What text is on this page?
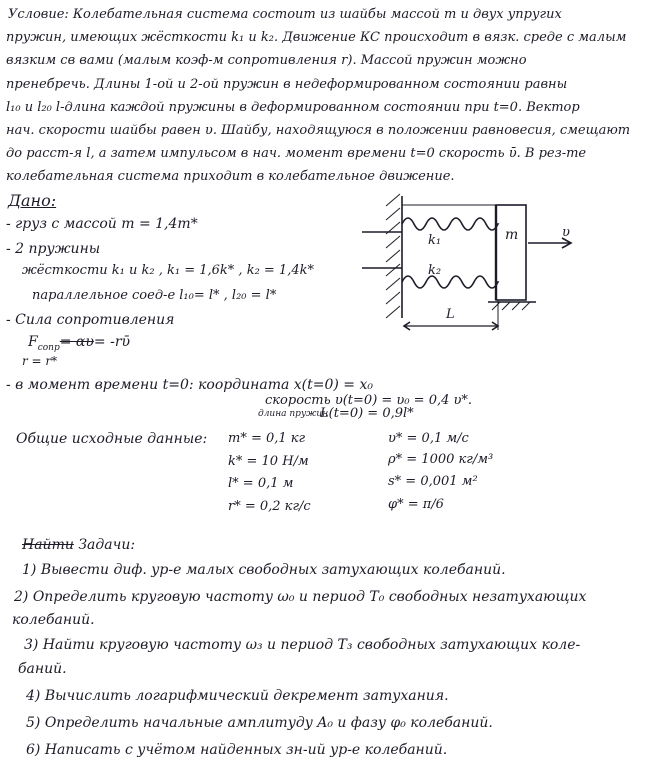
Условие: Колебательная система состоит из шайбы массой m и двух упругих
пружин, имеющих жёсткости k₁ и k₂. Движение КС происходит в вязк. среде с малым
вязким св вами (малым коэф-м сопротивления r). Массой пружин можно
пренебречь. Длины 1-ой и 2-ой пружин в недеформированном состоянии равны
l₁₀ и l₂₀ l-длина каждой пружины в деформированном состоянии при t=0. Вектор
нач. скорости шайбы равен υ. Шайбу, находящуюся в положении равновесия, смещают
до расст-я l, а затем импульсом в нач. момент времени t=0 скорость ῡ. В рез-те
колебательная система приходит в колебательное движение.
Дано:
- груз с массой m = 1,4m*
- 2 пружины
жёсткости k₁ и k₂ , k₁ = 1,6k* , k₂ = 1,4k*
параллельное соед-е l₁₀= l* , l₂₀ = l*
- Сила сопротивления
$F_{сопр}= \alpha\upsilon=$ -rῡ
r = r*
- в момент времени t=0: координата x(t=0) = x₀
скорость υ(t=0) = υ₀ = 0,4 υ*.
длина пружин
L(t=0) = 0,9l*
Общие исходные данные: m* = 0,1 кг	υ* = 0,1 м/с
k* = 10 Н/м	ρ* = 1000 кг/м³
l* = 0,1 м	s* = 0,001 м²
r* = 0,2 кг/с	φ* = π/6
k₁
k₂
m	υ
L
Найти Задачи:
1) Вывести диф. ур-е малых свободных затухающих колебаний.
2) Определить круговую частоту ω₀ и период T₀ свободных незатухающих
колебаний.
3) Найти круговую частоту ω₃ и период T₃ свободных затухающих коле-
баний.
4) Вычислить логарифмический декремент затухания.
5) Определить начальные амплитуду A₀ и фазу φ₀ колебаний.
6) Написать с учётом найденных зн-ий ур-е колебаний.
